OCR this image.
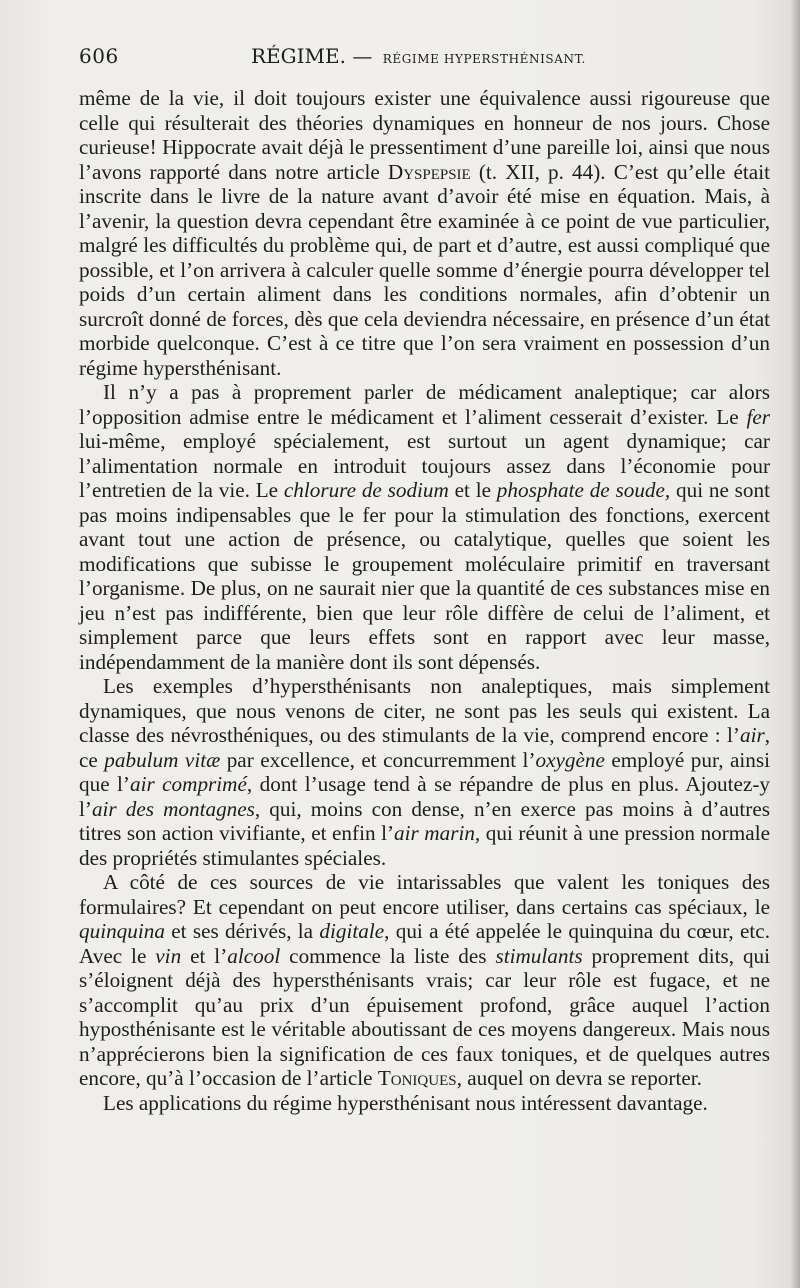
606	RÉGIME. — RÉGIME HYPERSTHÉNISANT.

même de la vie, il doit toujours exister une équivalence aussi rigoureuse que celle qui résulterait des théories dynamiques en honneur de nos jours. Chose curieuse! Hippocrate avait déjà le pressentiment d’une pareille loi, ainsi que nous l’avons rapporté dans notre article Dyspepsie (t. XII, p. 44). C’est qu’elle était inscrite dans le livre de la nature avant d’avoir été mise en équation. Mais, à l’avenir, la question devra cependant être examinée à ce point de vue particulier, malgré les difficultés du problème qui, de part et d’autre, est aussi compliqué que possible, et l’on arrivera à calculer quelle somme d’énergie pourra développer tel poids d’un certain aliment dans les conditions normales, afin d’obtenir un surcroît donné de forces, dès que cela deviendra nécessaire, en présence d’un état morbide quelconque. C’est à ce titre que l’on sera vraiment en possession d’un régime hypersthénisant.

Il n’y a pas à proprement parler de médicament analeptique; car alors l’opposition admise entre le médicament et l’aliment cesserait d’exister. Le fer lui-même, employé spécialement, est surtout un agent dynamique; car l’alimentation normale en introduit toujours assez dans l’économie pour l’entretien de la vie. Le chlorure de sodium et le phosphate de soude, qui ne sont pas moins indipensables que le fer pour la stimulation des fonctions, exercent avant tout une action de présence, ou catalytique, quelles que soient les modifications que subisse le groupement moléculaire primitif en traversant l’organisme. De plus, on ne saurait nier que la quantité de ces substances mise en jeu n’est pas indifférente, bien que leur rôle diffère de celui de l’aliment, et simplement parce que leurs effets sont en rapport avec leur masse, indépendamment de la manière dont ils sont dépensés.

Les exemples d’hypersthénisants non analeptiques, mais simplement dynamiques, que nous venons de citer, ne sont pas les seuls qui existent. La classe des névrosthéniques, ou des stimulants de la vie, comprend encore : l’air, ce pabulum vitæ par excellence, et concurremment l’oxygène employé pur, ainsi que l’air comprimé, dont l’usage tend à se répandre de plus en plus. Ajoutez-y l’air des montagnes, qui, moins con dense, n’en exerce pas moins à d’autres titres son action vivifiante, et enfin l’air marin, qui réunit à une pression normale des propriétés stimulantes spéciales.

A côté de ces sources de vie intarissables que valent les toniques des formulaires? Et cependant on peut encore utiliser, dans certains cas spéciaux, le quinquina et ses dérivés, la digitale, qui a été appelée le quinquina du cœur, etc. Avec le vin et l’alcool commence la liste des stimulants proprement dits, qui s’éloignent déjà des hypersthénisants vrais; car leur rôle est fugace, et ne s’accomplit qu’au prix d’un épuisement profond, grâce auquel l’action hyposthénisante est le véritable aboutissant de ces moyens dangereux. Mais nous n’apprécierons bien la signification de ces faux toniques, et de quelques autres encore, qu’à l’occasion de l’article Toniques, auquel on devra se reporter.

Les applications du régime hypersthénisant nous intéressent davantage.
